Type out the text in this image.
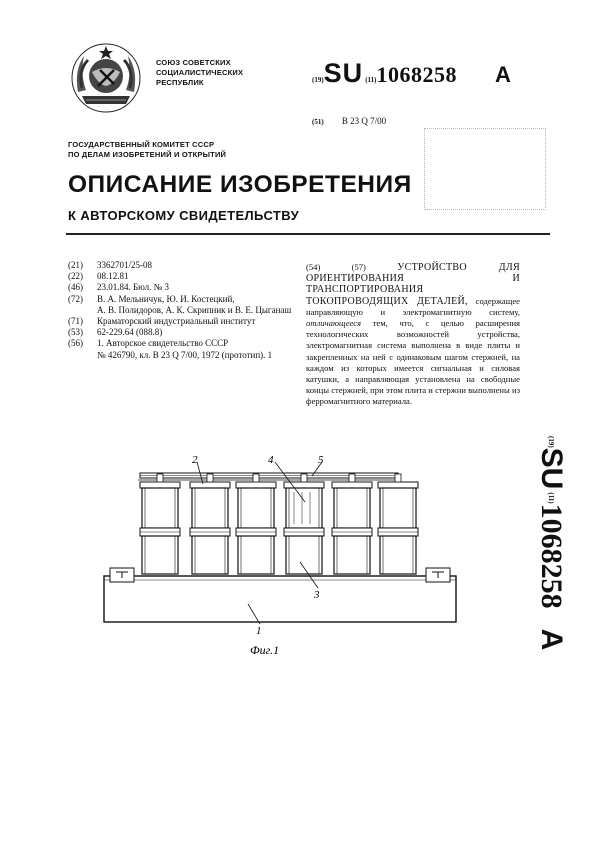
СОЮЗ СОВЕТСКИХ
СОЦИАЛИСТИЧЕСКИХ
РЕСПУБЛИК	(19) SU (11) 1068258 A
(51) В 23 Q 7/00
ГОСУДАРСТВЕННЫЙ КОМИТЕТ СССР
ПО ДЕЛАМ ИЗОБРЕТЕНИЙ И ОТКРЫТИЙ
ОПИСАНИЕ ИЗОБРЕТЕНИЯ
К АВТОРСКОМУ СВИДЕТЕЛЬСТВУ
(21)	3362701/25-08
(22)	08.12.81
(46)	23.01.84. Бюл. № 3
(72)	В. А. Мельничук, Ю. И. Костецкий,
А. В. Полидоров, А. К. Скрипник и В. Е. Цыганаш
(71)	Краматорский индустриальный институт
(53)	62-229.64 (088.8)
(56)	1. Авторское свидетельство СССР
№ 426790, кл. В 23 Q 7/00, 1972 (прототип). 1
(54) (57)	УСТРОЙСТВО ДЛЯ ОРИЕНТИРОВАНИЯ И ТРАНСПОРТИРОВАНИЯ ТОКОПРОВОДЯЩИХ ДЕТАЛЕЙ, содержащее направляющую и электромагнитную систему, отличающееся тем, что, с целью расширения технологических возможностей устройства, электромагнитная система выполнена в виде плиты и закрепленных на ней с одинаковым шагом стержней, на каждом из которых имеется сигнальная и силовая катушки, а направляющая установлена на свободные концы стержней, при этом плита и стержни выполнены из ферромагнитного материала.
(19)
SU
(11)
1068258
A
2	4	5
3
1
Фиг.1
